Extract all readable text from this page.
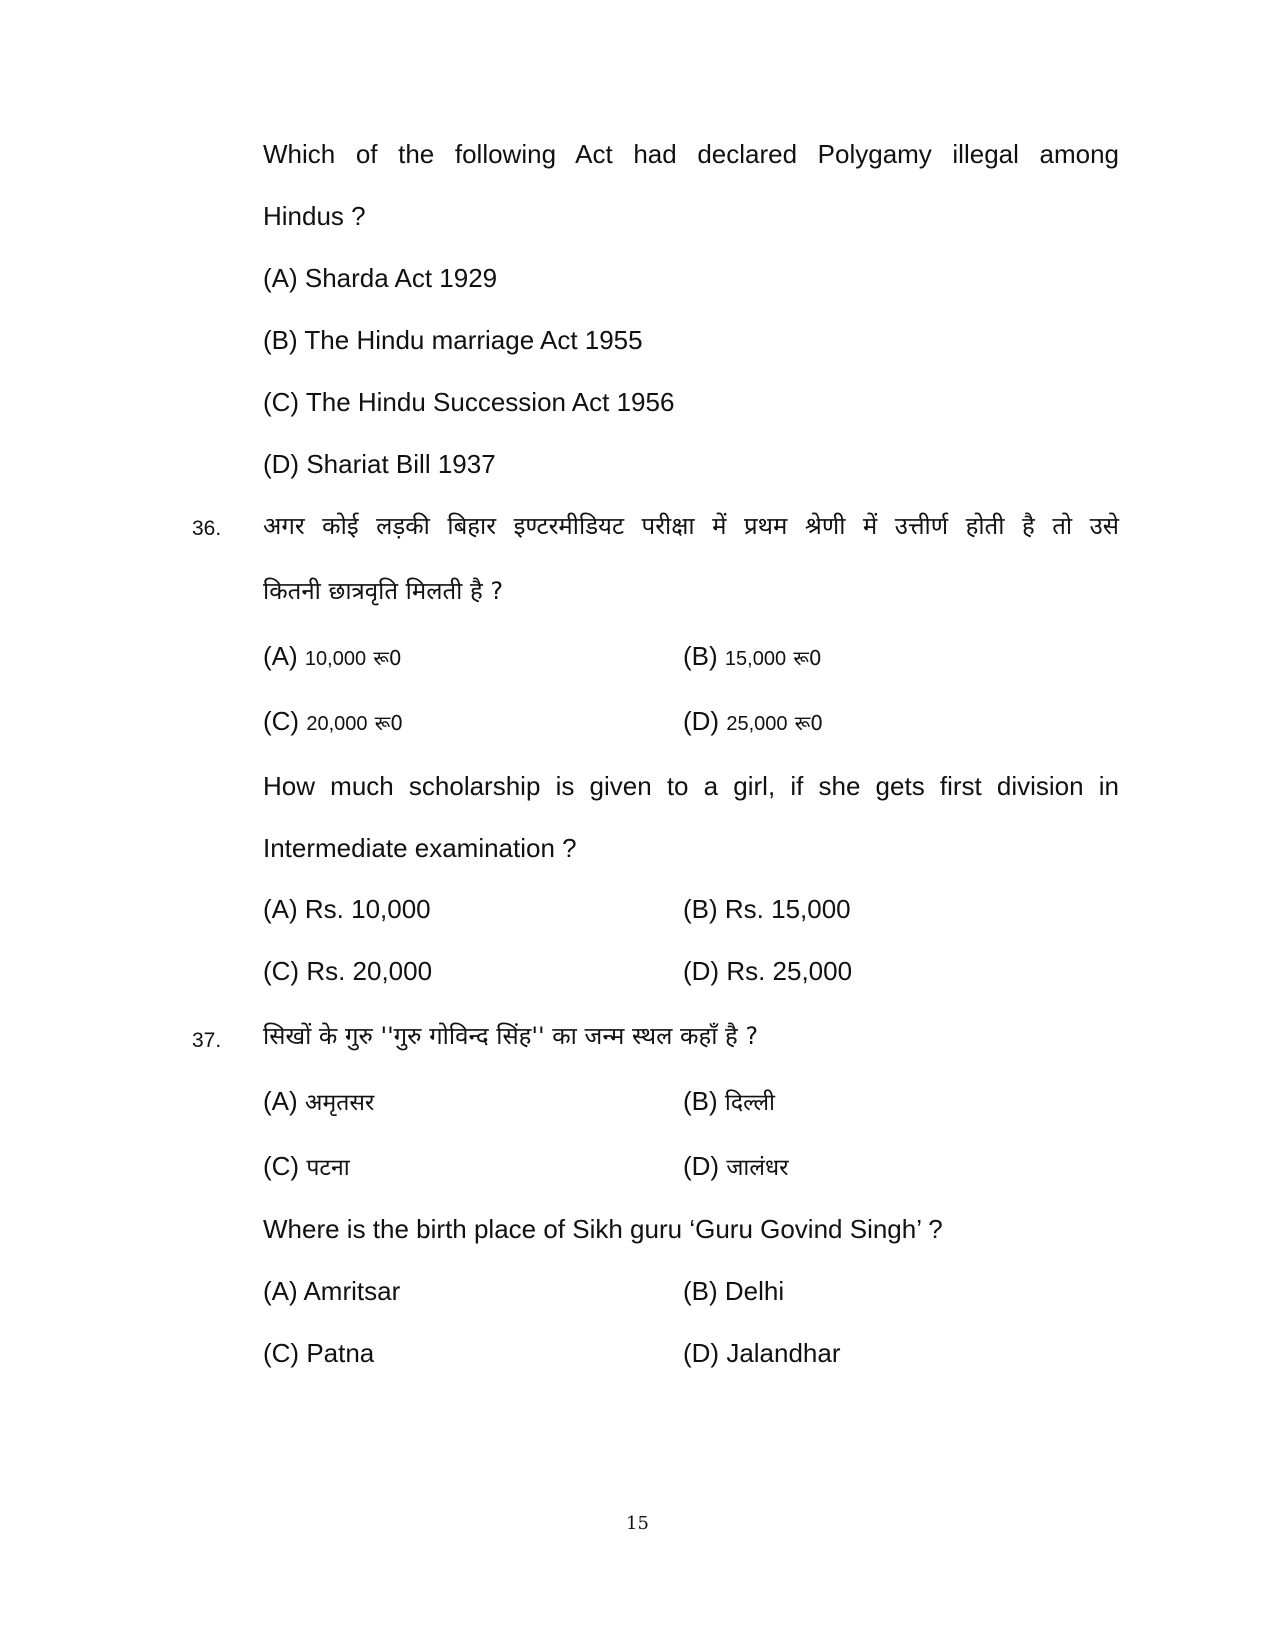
Which of the following Act had declared Polygamy illegal among
Hindus ?
(A) Sharda Act 1929
(B) The Hindu marriage Act 1955
(C) The Hindu Succession Act 1956
(D) Shariat Bill 1937
36. अगर कोई लड़की बिहार इण्टरमीडियट परीक्षा में प्रथम श्रेणी में उत्तीर्ण होती है तो उसे
कितनी छात्रवृति मिलती है ?
(A) 10,000 रू0	(B) 15,000 रू0
(C) 20,000 रू0	(D) 25,000 रू0
How much scholarship is given to a girl, if she gets first division in
Intermediate examination ?
(A) Rs. 10,000	(B) Rs. 15,000
(C) Rs. 20,000	(D) Rs. 25,000
37. सिखों के गुरु ''गुरु गोविन्द सिंह'' का जन्म स्थल कहाँ है ?
(A) अमृतसर	(B) दिल्ली
(C) पटना	(D) जालंधर
Where is the birth place of Sikh guru ‘Guru Govind Singh’ ?
(A) Amritsar	(B) Delhi
(C) Patna	(D) Jalandhar
15
